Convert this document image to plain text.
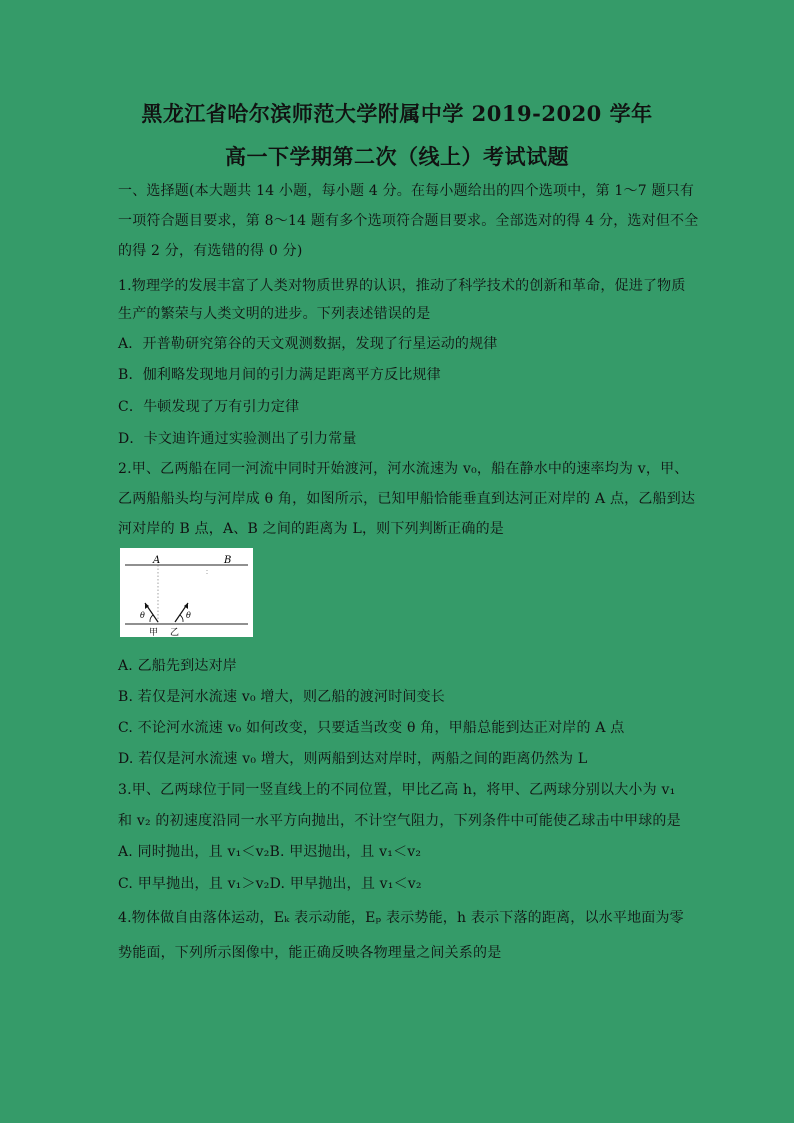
黑龙江省哈尔滨师范大学附属中学 2019-2020 学年
高一下学期第二次（线上）考试试题
一、选择题(本大题共 14 小题，每小题 4 分。在每小题给出的四个选项中，第 1～7 题只有
一项符合题目要求，第 8～14 题有多个选项符合题目要求。全部选对的得 4 分，选对但不全
的得 2 分，有选错的得 0 分)
1.物理学的发展丰富了人类对物质世界的认识，推动了科学技术的创新和革命，促进了物质
生产的繁荣与人类文明的进步。下列表述错误的是
A．开普勒研究第谷的天文观测数据，发现了行星运动的规律
B．伽利略发现地月间的引力满足距离平方反比规律
C．牛顿发现了万有引力定律
D．卡文迪许通过实验测出了引力常量
2.甲、乙两船在同一河流中同时开始渡河，河水流速为 v₀，船在静水中的速率均为 v，甲、
乙两船船头均与河岸成 θ 角，如图所示，已知甲船恰能垂直到达河正对岸的 A 点，乙船到达
河对岸的 B 点，A、B 之间的距离为 L，则下列判断正确的是
A	B
θ	θ
甲 乙
A. 乙船先到达对岸
B. 若仅是河水流速 v₀ 增大，则乙船的渡河时间变长
C. 不论河水流速 v₀ 如何改变，只要适当改变 θ 角，甲船总能到达正对岸的 A 点
D. 若仅是河水流速 v₀ 增大，则两船到达对岸时，两船之间的距离仍然为 L
3.甲、乙两球位于同一竖直线上的不同位置，甲比乙高 h，将甲、乙两球分别以大小为 v₁
和 v₂ 的初速度沿同一水平方向抛出，不计空气阻力，下列条件中可能使乙球击中甲球的是
A. 同时抛出，且 v₁＜v₂B. 甲迟抛出，且 v₁＜v₂
C. 甲早抛出，且 v₁＞v₂D. 甲早抛出，且 v₁＜v₂
4.物体做自由落体运动，Eₖ 表示动能，Eₚ 表示势能，h 表示下落的距离，以水平地面为零
势能面，下列所示图像中，能正确反映各物理量之间关系的是
